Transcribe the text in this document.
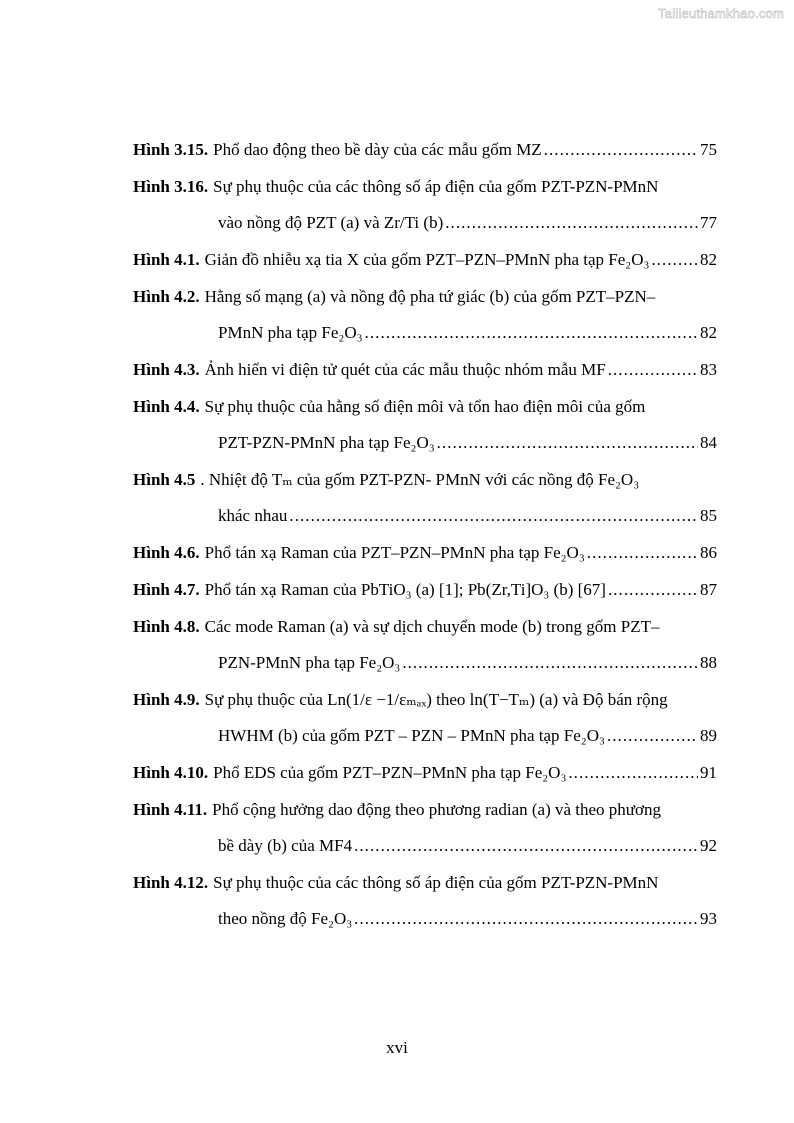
Tailieuthamkhao.com
Hình 3.15. Phổ dao động theo bề dày của các mẫu gốm MZ . . .	75
Hình 3.16. Sự phụ thuộc của các thông số áp điện của gốm PZT-PZN-PMnN
vào nồng độ PZT (a) và Zr/Ti (b) . . .	77
Hình 4.1. Giản đồ nhiễu xạ tia X của gốm PZT–PZN–PMnN pha tạp Fe₂O₃ . . .	82
Hình 4.2. Hằng số mạng (a) và nồng độ pha tứ giác (b) của gốm PZT–PZN–
PMnN pha tạp Fe₂O₃ . . .	82
Hình 4.3. Ảnh hiển vi điện tử quét của các mẫu thuộc nhóm mẫu MF . . .	83
Hình 4.4. Sự phụ thuộc của hằng số điện môi và tổn hao điện môi của gốm
PZT-PZN-PMnN pha tạp Fe₂O₃ . . .	84
Hình 4.5 . Nhiệt độ Tₘ của gốm PZT-PZN- PMnN với các nồng độ Fe₂O₃
khác nhau . . .	85
Hình 4.6. Phổ tán xạ Raman của PZT–PZN–PMnN pha tạp Fe₂O₃ . . .	86
Hình 4.7. Phổ tán xạ Raman của PbTiO₃ (a) [1]; Pb(Zr,Ti]O₃ (b) [67] . . .	87
Hình 4.8. Các mode Raman (a) và sự dịch chuyển mode (b) trong gốm PZT–
PZN-PMnN pha tạp Fe₂O₃ . . .	88
Hình 4.9. Sự phụ thuộc của Ln(1/ε −1/εₘₐₓ) theo ln(T−Tₘ) (a) và Độ bán rộng
HWHM (b) của gốm PZT – PZN – PMnN pha tạp Fe₂O₃ . . .	89
Hình 4.10. Phổ EDS của gốm PZT–PZN–PMnN pha tạp Fe₂O₃ . . .	91
Hình 4.11. Phổ cộng hưởng dao động theo phương radian (a) và theo phương
bề dày (b) của MF4 . . .	92
Hình 4.12. Sự phụ thuộc của các thông số áp điện của gốm PZT-PZN-PMnN
theo nồng độ Fe₂O₃ . . .	93
xvi
